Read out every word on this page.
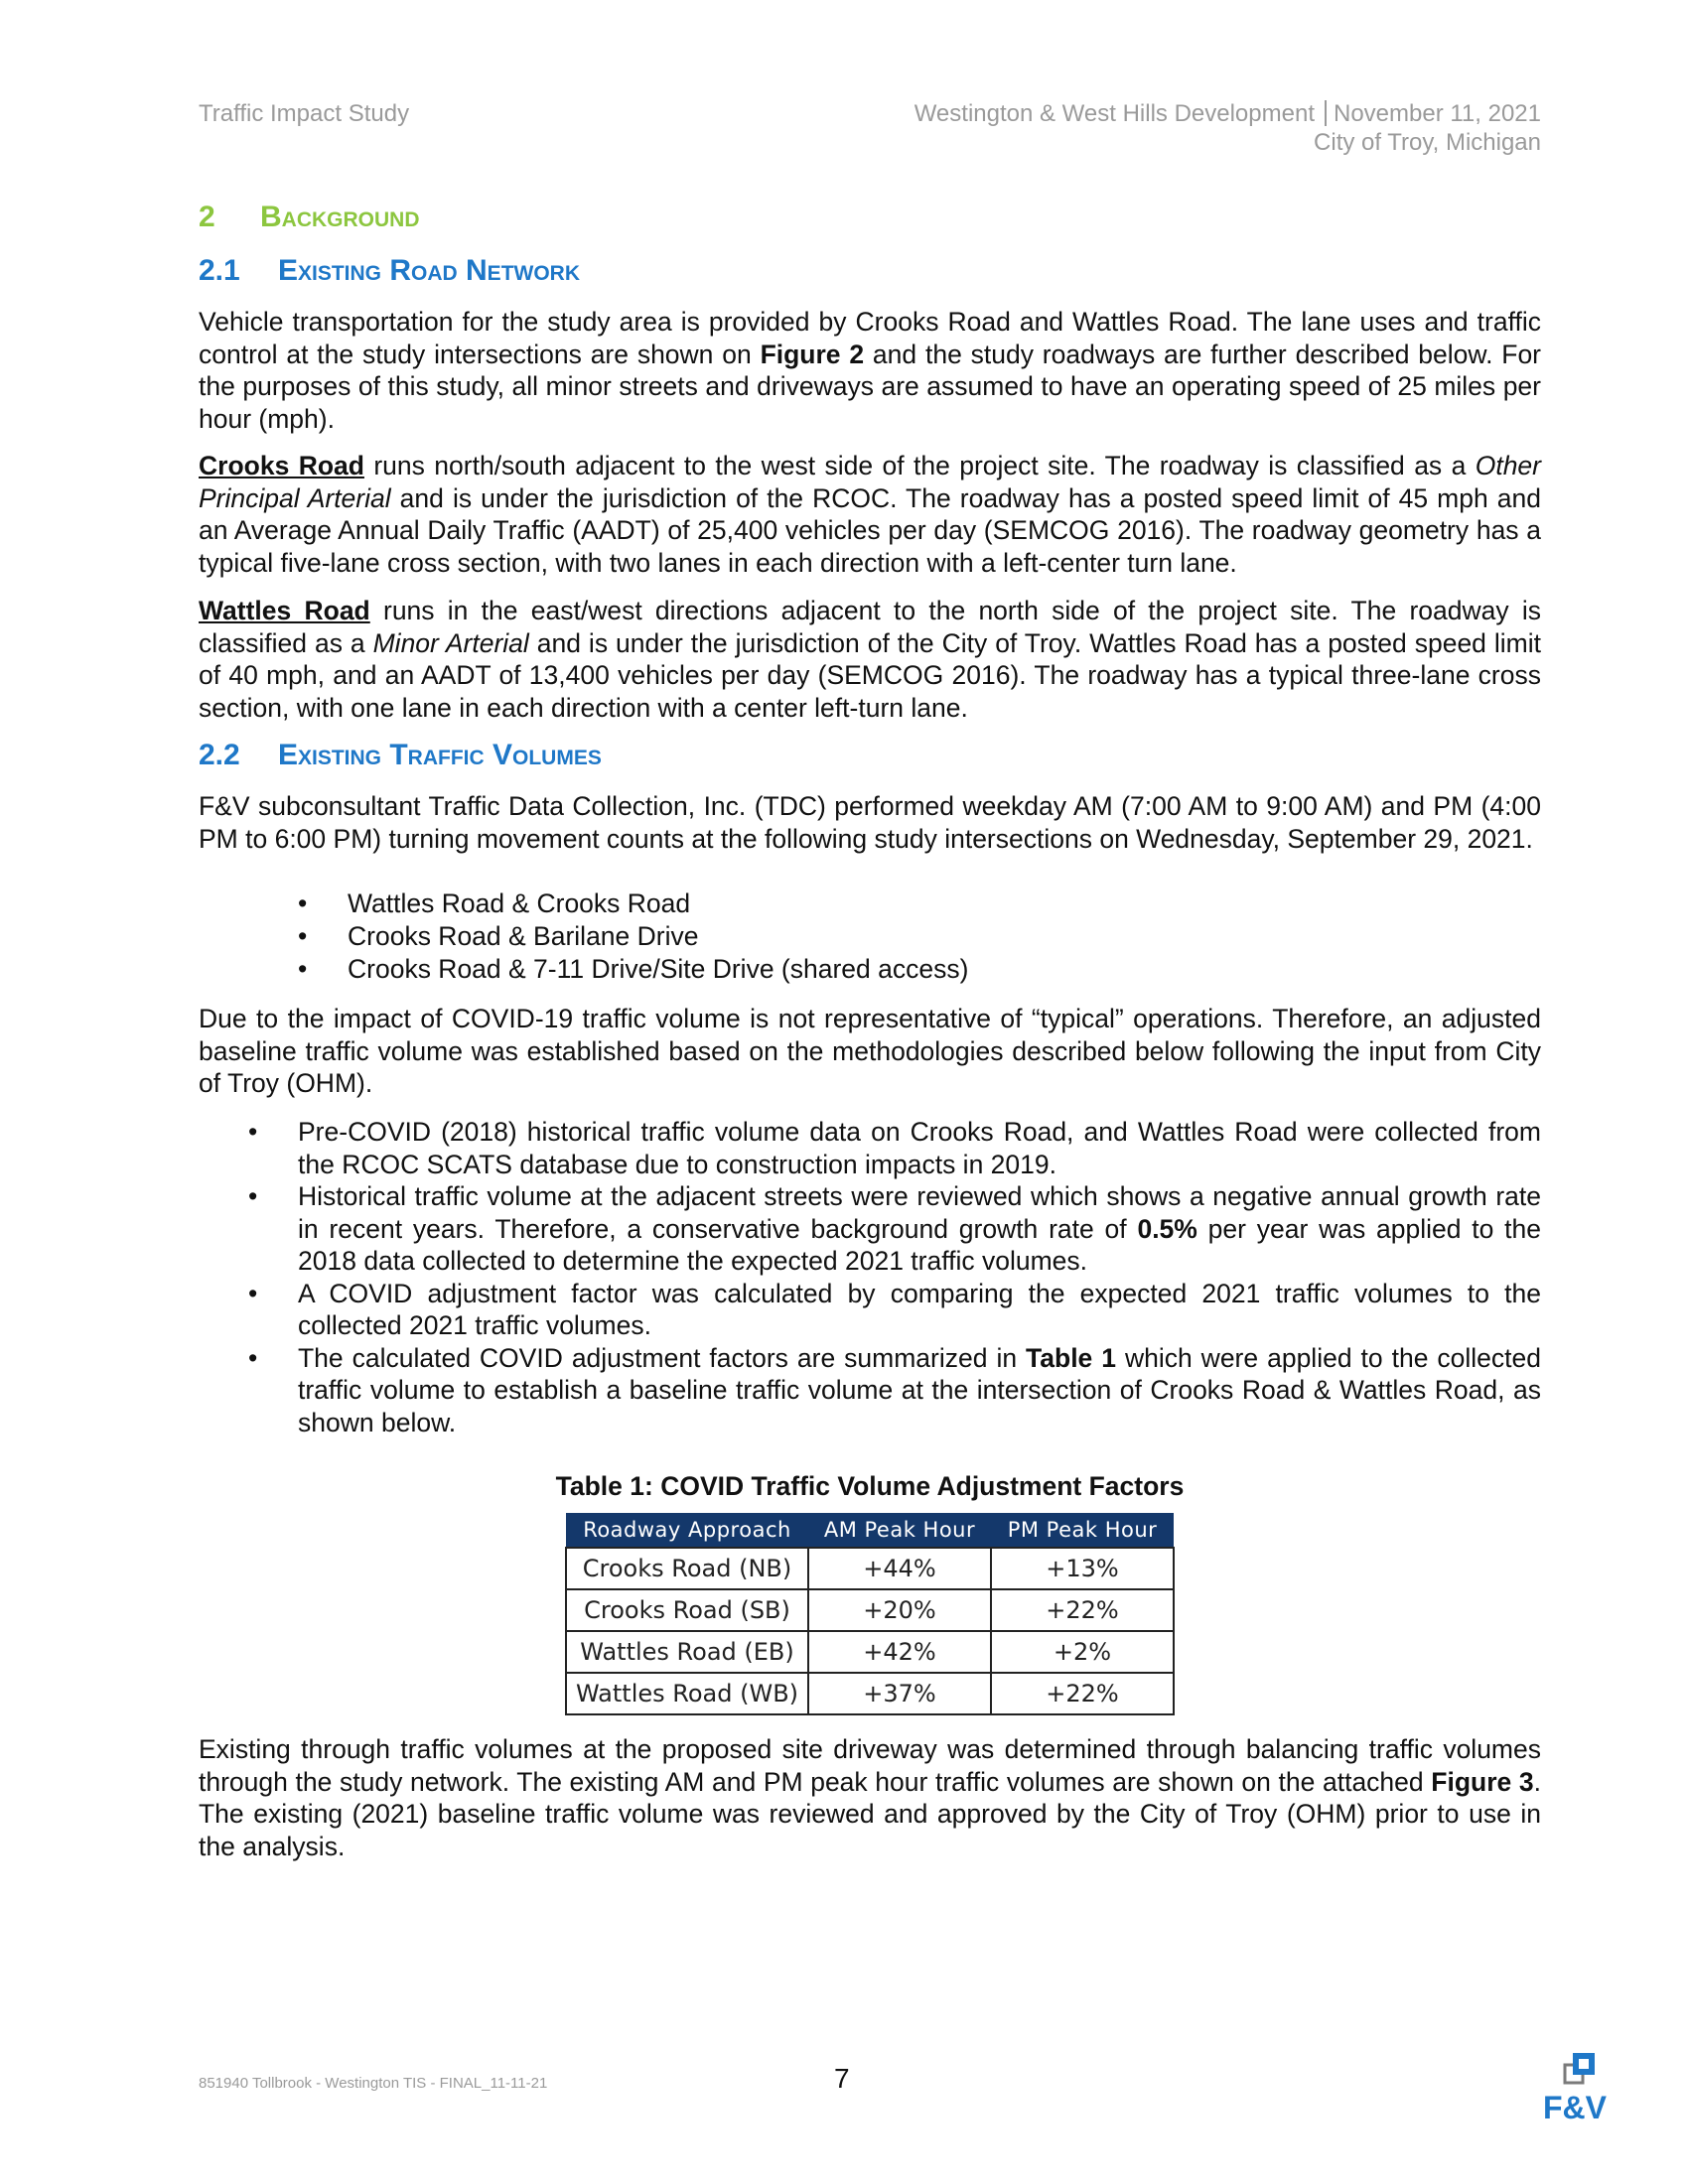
Traffic Impact Study	Westington & West Hills Development November 11, 2021
City of Troy, Michigan
2 Background
2.1 Existing Road Network

Vehicle transportation for the study area is provided by Crooks Road and Wattles Road. The lane uses and traffic control at the study intersections are shown on Figure 2 and the study roadways are further described below. For the purposes of this study, all minor streets and driveways are assumed to have an operating speed of 25 miles per hour (mph).

Crooks Road runs north/south adjacent to the west side of the project site. The roadway is classified as a Other Principal Arterial and is under the jurisdiction of the RCOC. The roadway has a posted speed limit of 45 mph and an Average Annual Daily Traffic (AADT) of 25,400 vehicles per day (SEMCOG 2016). The roadway geometry has a typical five-lane cross section, with two lanes in each direction with a left-center turn lane.

Wattles Road runs in the east/west directions adjacent to the north side of the project site. The roadway is classified as a Minor Arterial and is under the jurisdiction of the City of Troy. Wattles Road has a posted speed limit of 40 mph, and an AADT of 13,400 vehicles per day (SEMCOG 2016). The roadway has a typical three-lane cross section, with one lane in each direction with a center left-turn lane.

2.2 Existing Traffic Volumes

F&V subconsultant Traffic Data Collection, Inc. (TDC) performed weekday AM (7:00 AM to 9:00 AM) and PM (4:00 PM to 6:00 PM) turning movement counts at the following study intersections on Wednesday, September 29, 2021.

• Wattles Road & Crooks Road
• Crooks Road & Barilane Drive
• Crooks Road & 7-11 Drive/Site Drive (shared access)

Due to the impact of COVID-19 traffic volume is not representative of “typical” operations. Therefore, an adjusted baseline traffic volume was established based on the methodologies described below following the input from City of Troy (OHM).

• Pre-COVID (2018) historical traffic volume data on Crooks Road, and Wattles Road were collected from the RCOC SCATS database due to construction impacts in 2019.
• Historical traffic volume at the adjacent streets were reviewed which shows a negative annual growth rate in recent years. Therefore, a conservative background growth rate of 0.5% per year was applied to the 2018 data collected to determine the expected 2021 traffic volumes.
• A COVID adjustment factor was calculated by comparing the expected 2021 traffic volumes to the collected 2021 traffic volumes.
• The calculated COVID adjustment factors are summarized in Table 1 which were applied to the collected traffic volume to establish a baseline traffic volume at the intersection of Crooks Road & Wattles Road, as shown below.
Table 1: COVID Traffic Volume Adjustment Factors
Roadway Approach	AM Peak Hour	PM Peak Hour
Crooks Road (NB)	+44%	+13%
Crooks Road (SB)	+20%	+22%
Wattles Road (EB)	+42%	+2%
Wattles Road (WB)	+37%	+22%

Existing through traffic volumes at the proposed site driveway was determined through balancing traffic volumes through the study network. The existing AM and PM peak hour traffic volumes are shown on the attached Figure 3. The existing (2021) baseline traffic volume was reviewed and approved by the City of Troy (OHM) prior to use in the analysis.

851940 Tollbrook - Westington TIS - FINAL_11-11-21	7
F&V
